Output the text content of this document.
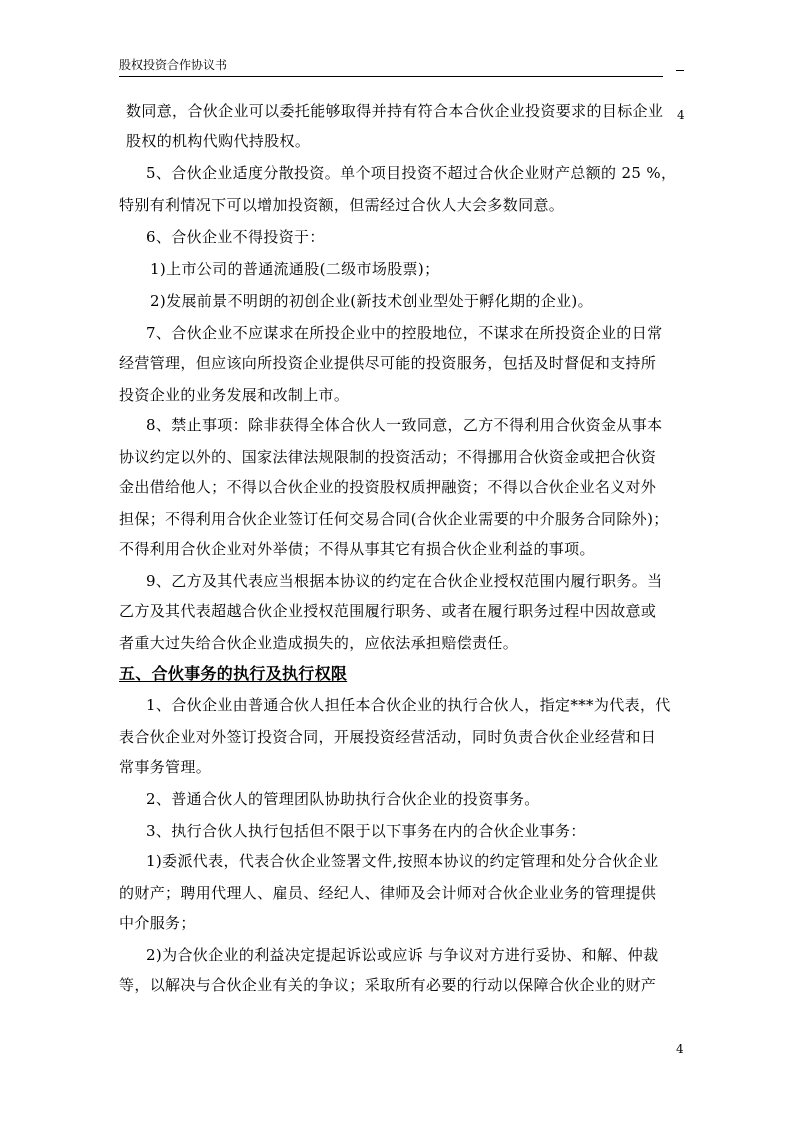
股权投资合作协议书
4
数同意，合伙企业可以委托能够取得并持有符合本合伙企业投资要求的目标企业
股权的机构代购代持股权。
5、合伙企业适度分散投资。单个项目投资不超过合伙企业财产总额的 25 %，
特别有利情况下可以增加投资额，但需经过合伙人大会多数同意。
6、合伙企业不得投资于：
1)上市公司的普通流通股(二级市场股票)；
2)发展前景不明朗的初创企业(新技术创业型处于孵化期的企业)。
7、合伙企业不应谋求在所投企业中的控股地位，不谋求在所投资企业的日常
经营管理，但应该向所投资企业提供尽可能的投资服务，包括及时督促和支持所
投资企业的业务发展和改制上市。
8、禁止事项：除非获得全体合伙人一致同意，乙方不得利用合伙资金从事本
协议约定以外的、国家法律法规限制的投资活动；不得挪用合伙资金或把合伙资
金出借给他人；不得以合伙企业的投资股权质押融资；不得以合伙企业名义对外
担保；不得利用合伙企业签订任何交易合同(合伙企业需要的中介服务合同除外)；
不得利用合伙企业对外举债；不得从事其它有损合伙企业利益的事项。
9、乙方及其代表应当根据本协议的约定在合伙企业授权范围内履行职务。当
乙方及其代表超越合伙企业授权范围履行职务、或者在履行职务过程中因故意或
者重大过失给合伙企业造成损失的，应依法承担赔偿责任。
五、合伙事务的执行及执行权限
1、合伙企业由普通合伙人担任本合伙企业的执行合伙人，指定***为代表，代
表合伙企业对外签订投资合同，开展投资经营活动，同时负责合伙企业经营和日
常事务管理。
2、普通合伙人的管理团队协助执行合伙企业的投资事务。
3、执行合伙人执行包括但不限于以下事务在内的合伙企业事务：
1)委派代表，代表合伙企业签署文件,按照本协议的约定管理和处分合伙企业
的财产；聘用代理人、雇员、经纪人、律师及会计师对合伙企业业务的管理提供
中介服务；
2)为合伙企业的利益决定提起诉讼或应诉 与争议对方进行妥协、和解、仲裁
等，以解决与合伙企业有关的争议；采取所有必要的行动以保障合伙企业的财产
4
